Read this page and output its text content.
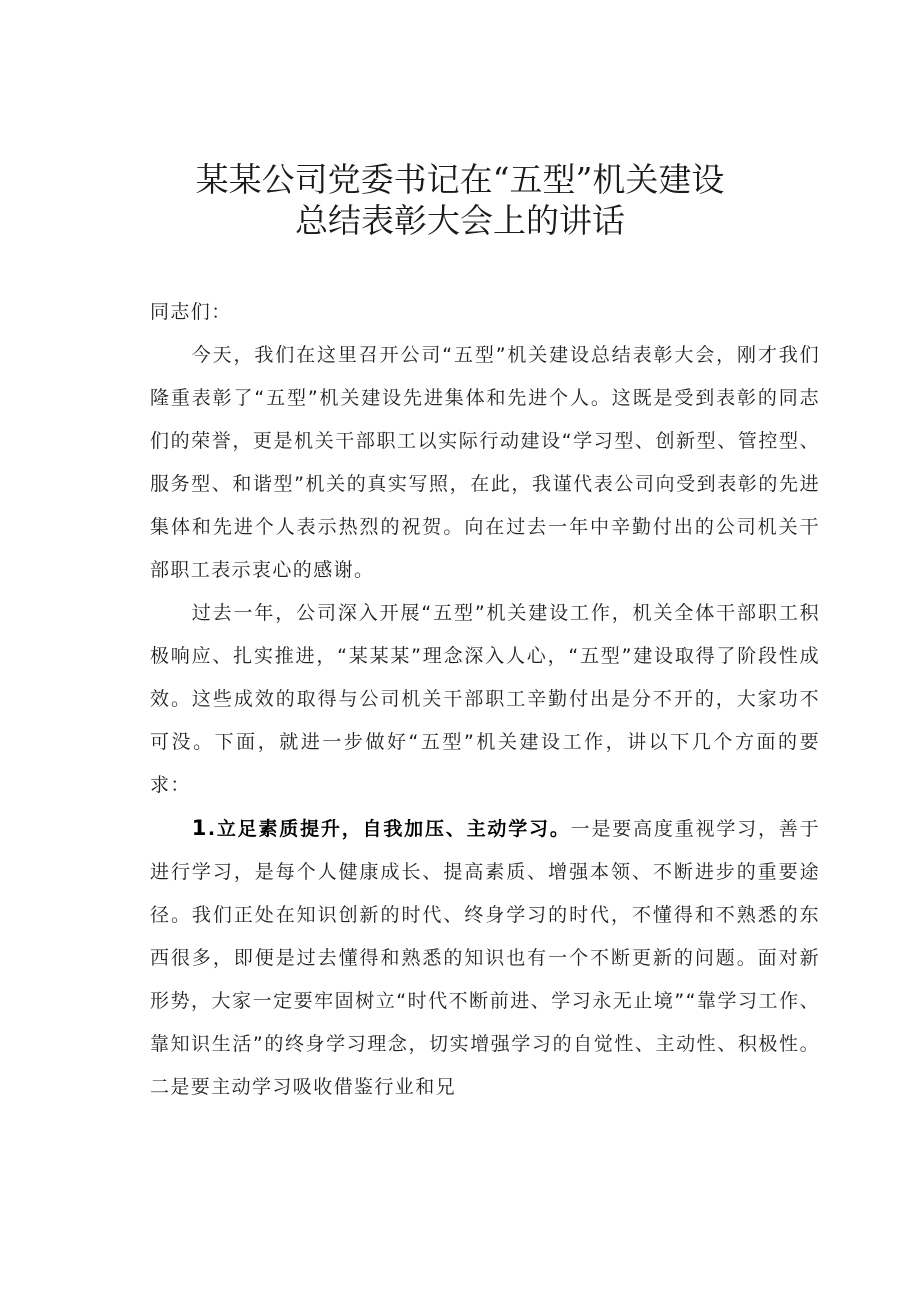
某某公司党委书记在“五型”机关建设
总结表彰大会上的讲话

同志们：

今天，我们在这里召开公司“五型”机关建设总结表彰大会，刚才我们隆重表彰了“五型”机关建设先进集体和先进个人。这既是受到表彰的同志们的荣誉，更是机关干部职工以实际行动建设“学习型、创新型、管控型、服务型、和谐型”机关的真实写照，在此，我谨代表公司向受到表彰的先进集体和先进个人表示热烈的祝贺。向在过去一年中辛勤付出的公司机关干部职工表示衷心的感谢。

过去一年，公司深入开展“五型”机关建设工作，机关全体干部职工积极响应、扎实推进，“某某某”理念深入人心，“五型”建设取得了阶段性成效。这些成效的取得与公司机关干部职工辛勤付出是分不开的，大家功不可没。下面，就进一步做好“五型”机关建设工作，讲以下几个方面的要求：

1.立足素质提升，自我加压、主动学习。一是要高度重视学习，善于进行学习，是每个人健康成长、提高素质、增强本领、不断进步的重要途径。我们正处在知识创新的时代、终身学习的时代，不懂得和不熟悉的东西很多，即便是过去懂得和熟悉的知识也有一个不断更新的问题。面对新形势，大家一定要牢固树立“时代不断前进、学习永无止境”“靠学习工作、靠知识生活”的终身学习理念，切实增强学习的自觉性、主动性、积极性。二是要主动学习吸收借鉴行业和兄
